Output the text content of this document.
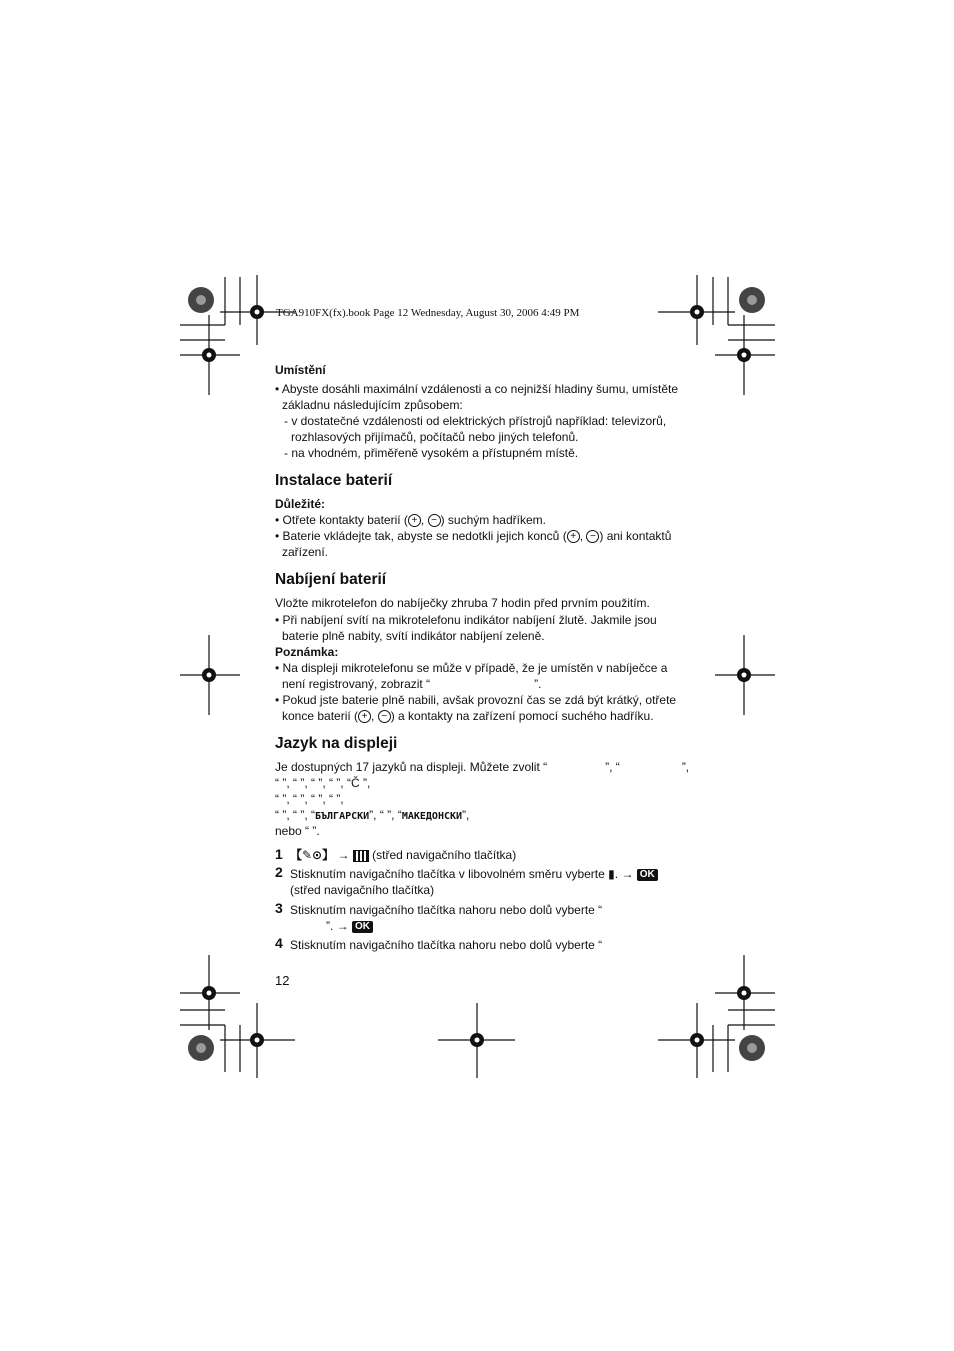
TGA910FX(fx).book Page 12 Wednesday, August 30, 2006 4:49 PM
Umístění
• Abyste dosáhli maximální vzdálenosti a co nejnižší hladiny šumu, umístěte
základnu následujícím způsobem:
- v dostatečné vzdálenosti od elektrických přístrojů například: televizorů,
rozhlasových přijímačů, počítačů nebo jiných telefonů.
- na vhodném, přiměřeně vysokém a přístupném místě.
Instalace baterií
Důležité:
• Otřete kontakty baterií ( + , − ) suchým hadříkem.
• Baterie vkládejte tak, abyste se nedotkli jejich konců ( + , − ) ani kontaktů
zařízení.
Nabíjení baterií
Vložte mikrotelefon do nabíječky zhruba 7 hodin před prvním použitím.
• Při nabíjení svítí na mikrotelefonu indikátor nabíjení žlutě. Jakmile jsou
baterie plně nabity, svítí indikátor nabíjení zeleně.
Poznámka:
• Na displeji mikrotelefonu se může v případě, že je umístěn v nabíječce a
není registrovaný, zobrazit “	”.
• Pokud jste baterie plně nabili, avšak provozní čas se zdá být krátký, otřete
konce baterií ( + , − ) a kontakty na zařízení pomocí suchého hadříku.
Jazyk na displeji
Je dostupných 17 jazyků na displeji. Můžete zvolit “	”, “	”,
“ ”, “ ”, “ ”, “ ”, “Č ”,
“ ”, “ ”, “ ”, “ ”,
“ ”, “ ”, “БЪЛГАРСКИ”, “ ”, “МАКЕДОНСКИ”,
nebo “ ”.
1 【✎⊙】 → (střed navigačního tlačítka)
2 Stisknutím navigačního tlačítka v libovolném směru vyberte ▮. → OK
(střed navigačního tlačítka)
3 Stisknutím navigačního tlačítka nahoru nebo dolů vyberte “
”. → OK
4 Stisknutím navigačního tlačítka nahoru nebo dolů vyberte “
12
